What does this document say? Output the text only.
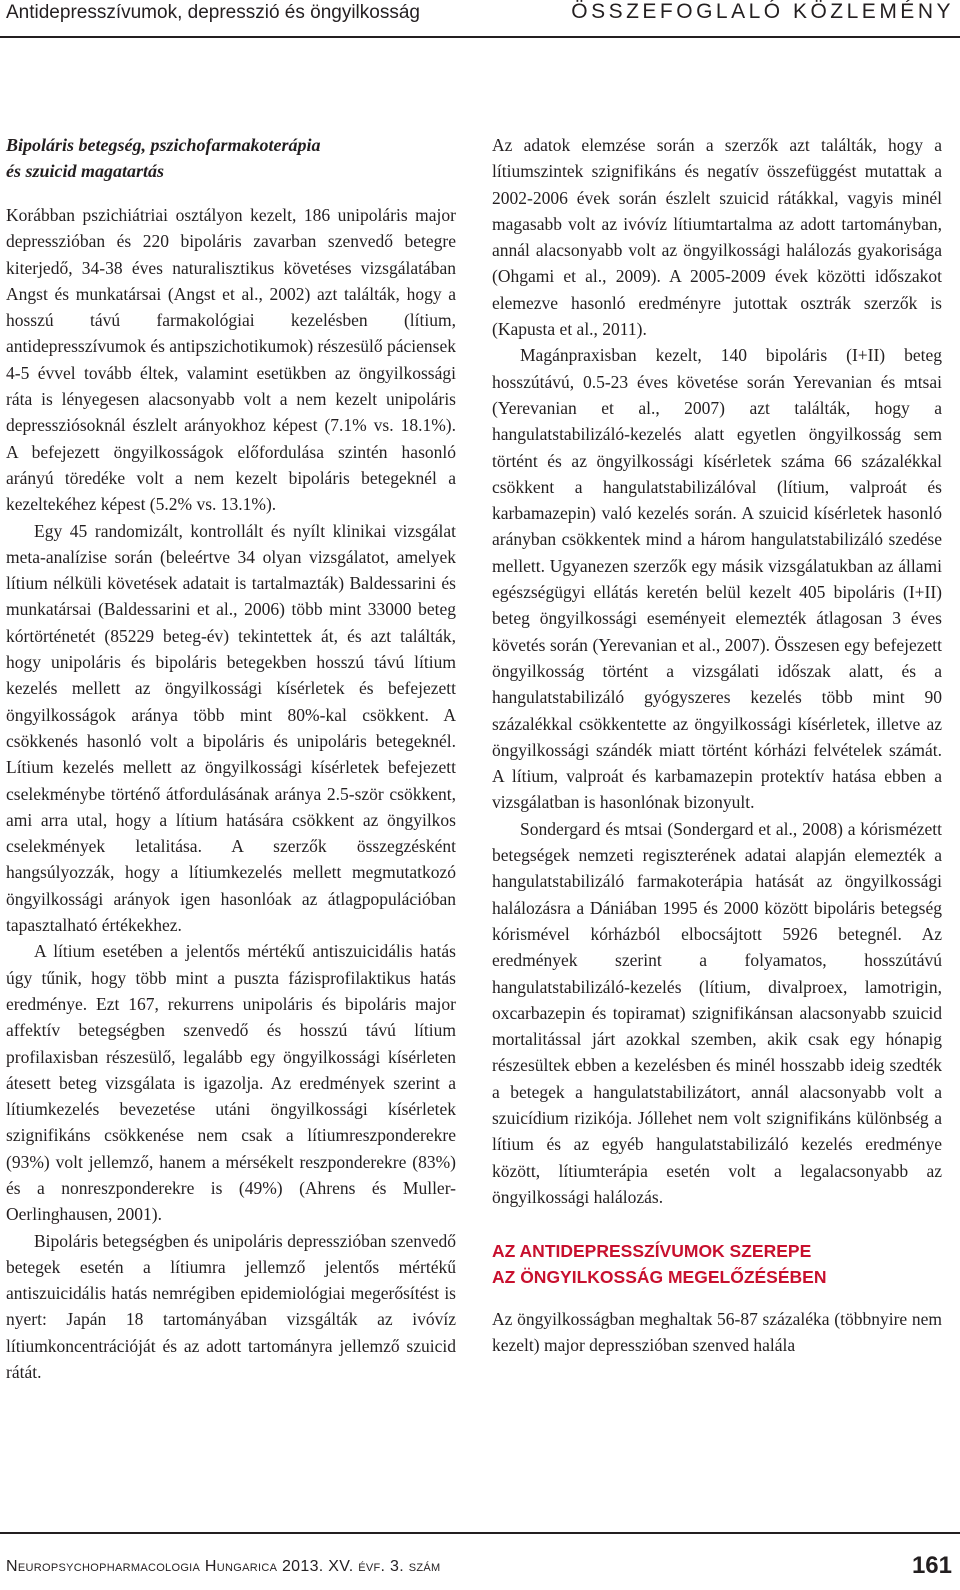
Antidepresszívumok, depresszió és öngyilkosság	ÖSSZEFOGLALÓ KÖZLEMÉNY
Bipoláris betegség, pszichofarmakoterápia
és szuicid magatartás

Korábban pszichiátriai osztályon kezelt, 186 unipoláris major depresszióban és 220 bipoláris zavarban szenvedő betegre kiterjedő, 34-38 éves naturalisztikus követéses vizsgálatában Angst és munkatársai (Angst et al., 2002) azt találták, hogy a hosszú távú farmakológiai kezelésben (lítium, antidepresszívumok és antipszichotikumok) részesülő páciensek 4-5 évvel tovább éltek, valamint esetükben az öngyilkossági ráta is lényegesen alacsonyabb volt a nem kezelt unipoláris depressziósoknál észlelt arányokhoz képest (7.1% vs. 18.1%). A befejezett öngyilkosságok előfordulása szintén hasonló arányú töredéke volt a nem kezelt bipoláris betegeknél a kezeltekéhez képest (5.2% vs. 13.1%).

Egy 45 randomizált, kontrollált és nyílt klinikai vizsgálat meta-analízise során (beleértve 34 olyan vizsgálatot, amelyek lítium nélküli követések adatait is tartalmazták) Baldessarini és munkatársai (Baldessarini et al., 2006) több mint 33000 beteg kórtörténetét (85229 beteg-év) tekintettek át, és azt találták, hogy unipoláris és bipoláris betegekben hosszú távú lítium kezelés mellett az öngyilkossági kísérletek és befejezett öngyilkosságok aránya több mint 80%-kal csökkent. A csökkenés hasonló volt a bipoláris és unipoláris betegeknél. Lítium kezelés mellett az öngyilkossági kísérletek befejezett cselekménybe történő átfordulásának aránya 2.5-ször csökkent, ami arra utal, hogy a lítium hatására csökkent az öngyilkos cselekmények letalitása. A szerzők összegzésként hangsúlyozzák, hogy a lítiumkezelés mellett megmutatkozó öngyilkossági arányok igen hasonlóak az átlagpopulációban tapasztalható értékekhez.

A lítium esetében a jelentős mértékű antiszuicidális hatás úgy tűnik, hogy több mint a puszta fázisprofilaktikus hatás eredménye. Ezt 167, rekurrens unipoláris és bipoláris major affektív betegségben szenvedő és hosszú távú lítium profilaxisban részesülő, legalább egy öngyilkossági kísérleten átesett beteg vizsgálata is igazolja. Az eredmények szerint a lítiumkezelés bevezetése utáni öngyilkossági kísérletek szignifikáns csökkenése nem csak a lítiumreszponderekre (93%) volt jellemző, hanem a mérsékelt reszponderekre (83%) és a nonreszponderekre is (49%) (Ahrens és Muller-Oerlinghausen, 2001).

Bipoláris betegségben és unipoláris depresszióban szenvedő betegek esetén a lítiumra jellemző jelentős mértékű antiszuicidális hatás nemrégiben epidemiológiai megerősítést is nyert: Japán 18 tartományában vizsgálták az ivóvíz lítiumkoncentrációját és az adott tartományra jellemző szuicid rátát.

Az adatok elemzése során a szerzők azt találták, hogy a lítiumszintek szignifikáns és negatív összefüggést mutattak a 2002-2006 évek során észlelt szuicid rátákkal, vagyis minél magasabb volt az ivóvíz lítiumtartalma az adott tartományban, annál alacsonyabb volt az öngyilkossági halálozás gyakorisága (Ohgami et al., 2009). A 2005-2009 évek közötti időszakot elemezve hasonló eredményre jutottak osztrák szerzők is (Kapusta et al., 2011).

Magánpraxisban kezelt, 140 bipoláris (I+II) beteg hosszútávú, 0.5-23 éves követése során Yerevanian és mtsai (Yerevanian et al., 2007) azt találták, hogy a hangulatstabilizáló-kezelés alatt egyetlen öngyilkosság sem történt és az öngyilkossági kísérletek száma 66 százalékkal csökkent a hangulatstabilizálóval (lítium, valproát és karbamazepin) való kezelés során. A szuicid kísérletek hasonló arányban csökkentek mind a három hangulatstabilizáló szedése mellett. Ugyanezen szerzők egy másik vizsgálatukban az állami egészségügyi ellátás keretén belül kezelt 405 bipoláris (I+II) beteg öngyilkossági eseményeit elemezték átlagosan 3 éves követés során (Yerevanian et al., 2007). Összesen egy befejezett öngyilkosság történt a vizsgálati időszak alatt, és a hangulatstabilizáló gyógyszeres kezelés több mint 90 százalékkal csökkentette az öngyilkossági kísérletek, illetve az öngyilkossági szándék miatt történt kórházi felvételek számát. A lítium, valproát és karbamazepin protektív hatása ebben a vizsgálatban is hasonlónak bizonyult.

Sondergard és mtsai (Sondergard et al., 2008) a kórismézett betegségek nemzeti regiszterének adatai alapján elemezték a hangulatstabilizáló farmakoterápia hatását az öngyilkossági halálozásra a Dániában 1995 és 2000 között bipoláris betegség kórismével kórházból elbocsájtott 5926 betegnél. Az eredmények szerint a folyamatos, hosszútávú hangulatstabilizáló-kezelés (lítium, divalproex, lamotrigin, oxcarbazepin és topiramat) szignifikánsan alacsonyabb szuicid mortalitással járt azokkal szemben, akik csak egy hónapig részesültek ebben a kezelésben és minél hosszabb ideig szedték a betegek a hangulatstabilizátort, annál alacsonyabb volt a szuicídium rizikója. Jóllehet nem volt szignifikáns különbség a lítium és az egyéb hangulatstabilizáló kezelés eredménye között, lítiumterápia esetén volt a legalacsonyabb az öngyilkossági halálozás.

AZ ANTIDEPRESSZÍVUMOK SZEREPE
AZ ÖNGYILKOSSÁG MEGELŐZÉSÉBEN

Az öngyilkosságban meghaltak 56-87 százaléka (többnyire nem kezelt) major depresszióban szenved halála

Neuropsychopharmacologia Hungarica 2013. XV. évf. 3. szám	161
